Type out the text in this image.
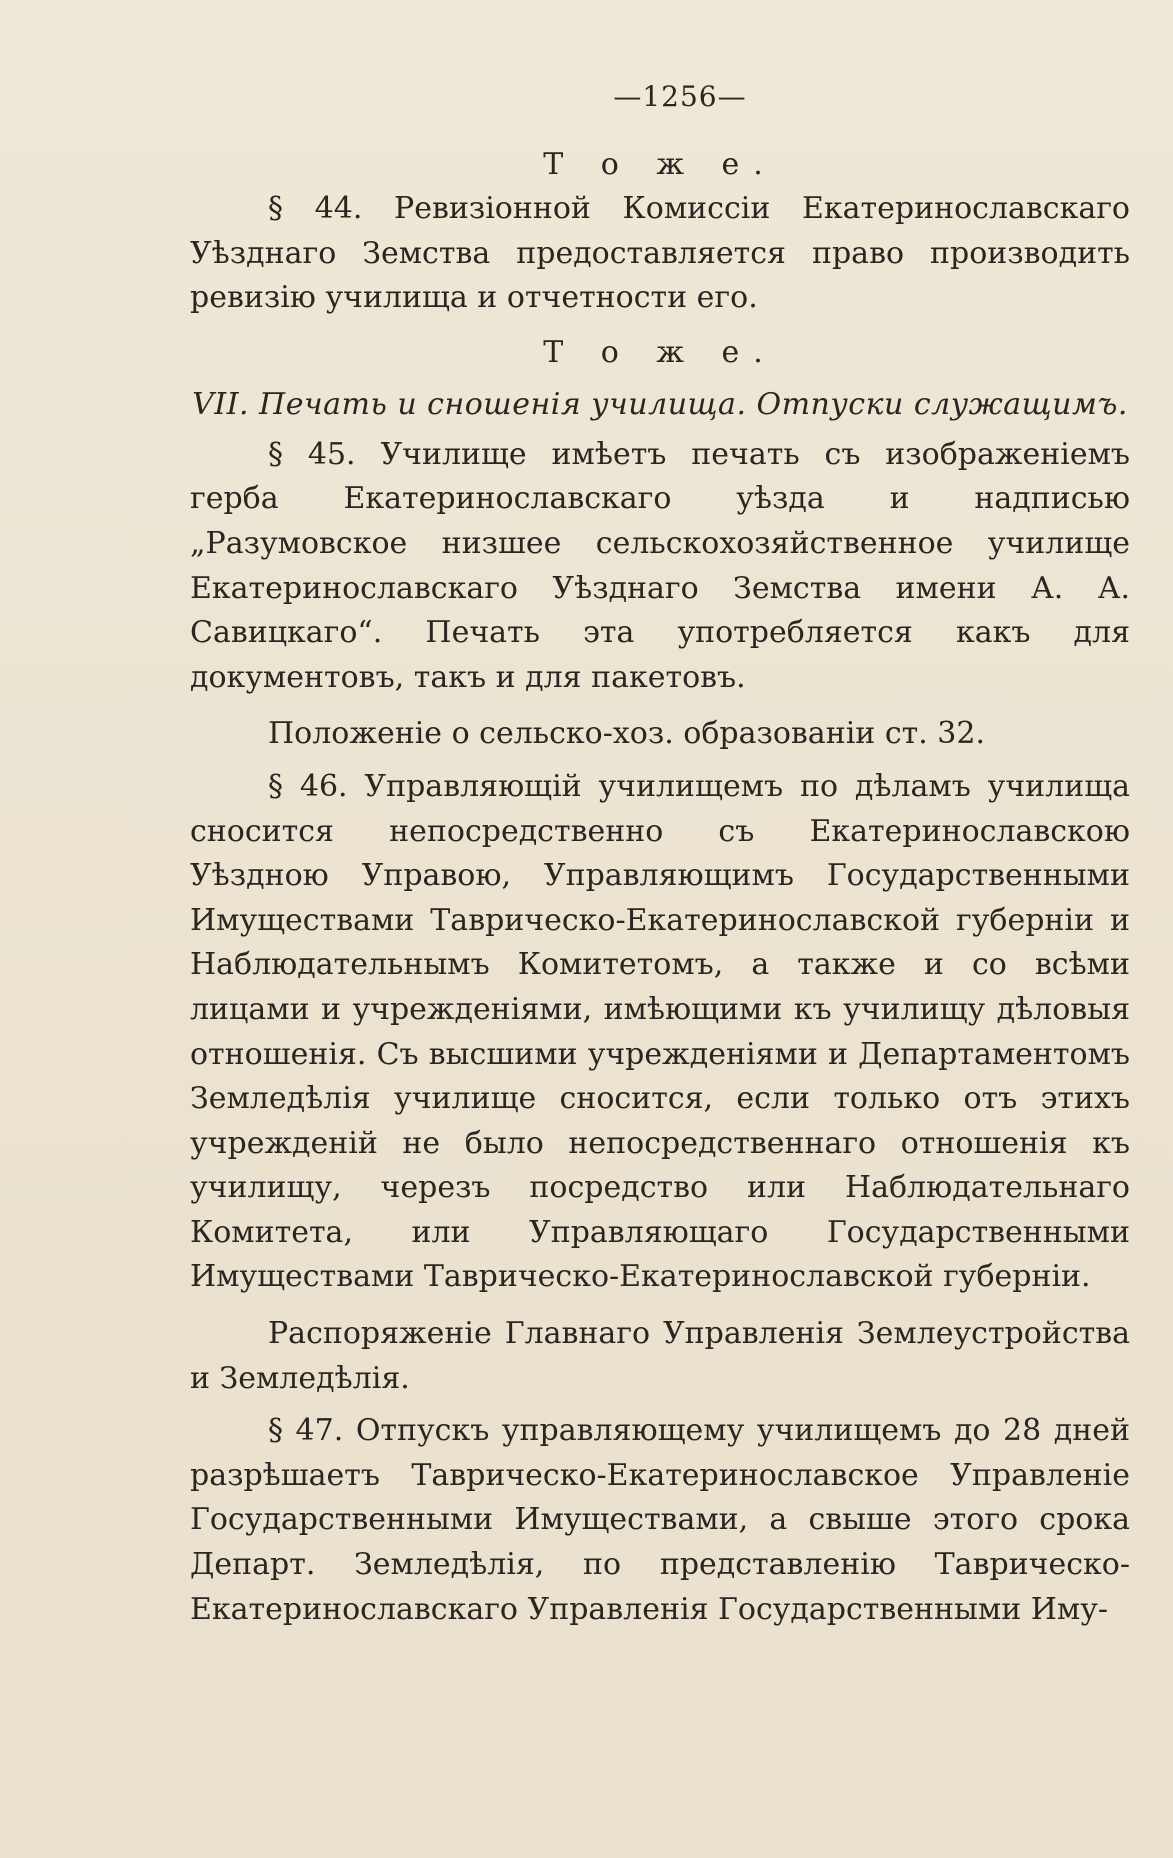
—1256—

Т о ж е.

§ 44. Ревизіонной Комиссіи Екатеринославскаго Уѣзднаго Земства предоставляется право производить ревизію училища и отчетности его.

Т о ж е.

VII. Печать и сношенія училища. Отпуски служащимъ.

§ 45. Училище имѣетъ печать съ изображеніемъ герба Екатеринославскаго уѣзда и надписью „Разумовское низшее сельскохозяйственное училище Екатеринославскаго Уѣзднаго Земства имени А. А. Савицкаго“. Печать эта употребляется какъ для документовъ, такъ и для пакетовъ.

Положеніе о сельско-хоз. образованіи ст. 32.

§ 46. Управляющій училищемъ по дѣламъ училища сносится непосредственно съ Екатеринославскою Уѣздною Управою, Управляющимъ Государственными Имуществами Таврическо-Екатеринославской губерніи и Наблюдательнымъ Комитетомъ, а также и со всѣми лицами и учрежденіями, имѣющими къ училищу дѣловыя отношенія. Съ высшими учрежденіями и Департаментомъ Земледѣлія училище сносится, если только отъ этихъ учрежденій не было непосредственнаго отношенія къ училищу, черезъ посредство или Наблюдательнаго Комитета, или Управляющаго Государственными Имуществами Таврическо-Екатеринославской губерніи.

Распоряженіе Главнаго Управленія Землеустройства и Земледѣлія.

§ 47. Отпускъ управляющему училищемъ до 28 дней разрѣшаетъ Таврическо-Екатеринославское Управленіе Государственными Имуществами, а свыше этого срока Департ. Земледѣлія, по представленію Таврическо-Екатеринославскаго Управленія Государственными Иму-
